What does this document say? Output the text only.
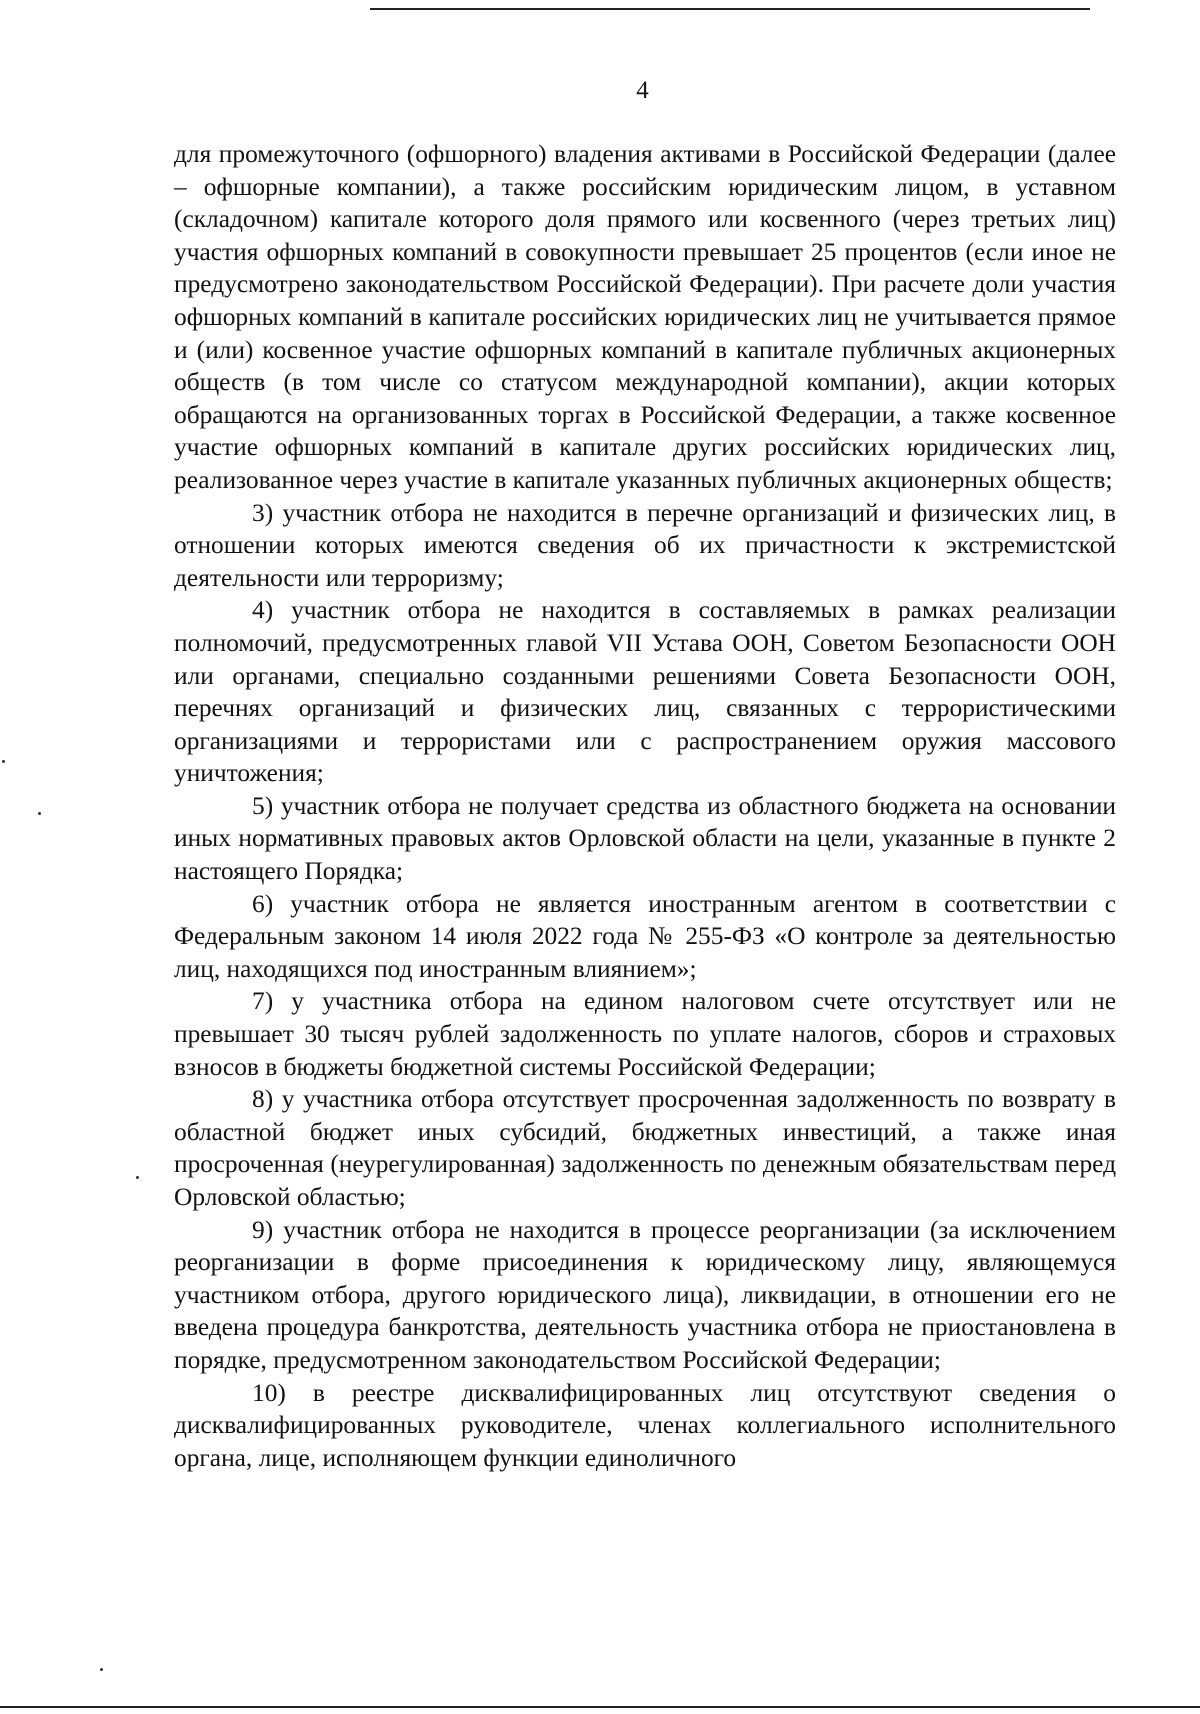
4

для промежуточного (офшорного) владения активами в Российской Федерации (далее – офшорные компании), а также российским юридическим лицом, в уставном (складочном) капитале которого доля прямого или косвенного (через третьих лиц) участия офшорных компаний в совокупности превышает 25 процентов (если иное не предусмотрено законодательством Российской Федерации). При расчете доли участия офшорных компаний в капитале российских юридических лиц не учитывается прямое и (или) косвенное участие офшорных компаний в капитале публичных акционерных обществ (в том числе со статусом международной компании), акции которых обращаются на организованных торгах в Российской Федерации, а также косвенное участие офшорных компаний в капитале других российских юридических лиц, реализованное через участие в капитале указанных публичных акционерных обществ;

3) участник отбора не находится в перечне организаций и физических лиц, в отношении которых имеются сведения об их причастности к экстремистской деятельности или терроризму;

4) участник отбора не находится в составляемых в рамках реализации полномочий, предусмотренных главой VII Устава ООН, Советом Безопасности ООН или органами, специально созданными решениями Совета Безопасности ООН, перечнях организаций и физических лиц, связанных с террористическими организациями и террористами или с распространением оружия массового уничтожения;

5) участник отбора не получает средства из областного бюджета на основании иных нормативных правовых актов Орловской области на цели, указанные в пункте 2 настоящего Порядка;

6) участник отбора не является иностранным агентом в соответствии с Федеральным законом 14 июля 2022 года № 255-ФЗ «О контроле за деятельностью лиц, находящихся под иностранным влиянием»;

7) у участника отбора на едином налоговом счете отсутствует или не превышает 30 тысяч рублей задолженность по уплате налогов, сборов и страховых взносов в бюджеты бюджетной системы Российской Федерации;

8) у участника отбора отсутствует просроченная задолженность по возврату в областной бюджет иных субсидий, бюджетных инвестиций, а также иная просроченная (неурегулированная) задолженность по денежным обязательствам перед Орловской областью;

9) участник отбора не находится в процессе реорганизации (за исключением реорганизации в форме присоединения к юридическому лицу, являющемуся участником отбора, другого юридического лица), ликвидации, в отношении его не введена процедура банкротства, деятельность участника отбора не приостановлена в порядке, предусмотренном законодательством Российской Федерации;

10) в реестре дисквалифицированных лиц отсутствуют сведения о дисквалифицированных руководителе, членах коллегиального исполнительного органа, лице, исполняющем функции единоличного
